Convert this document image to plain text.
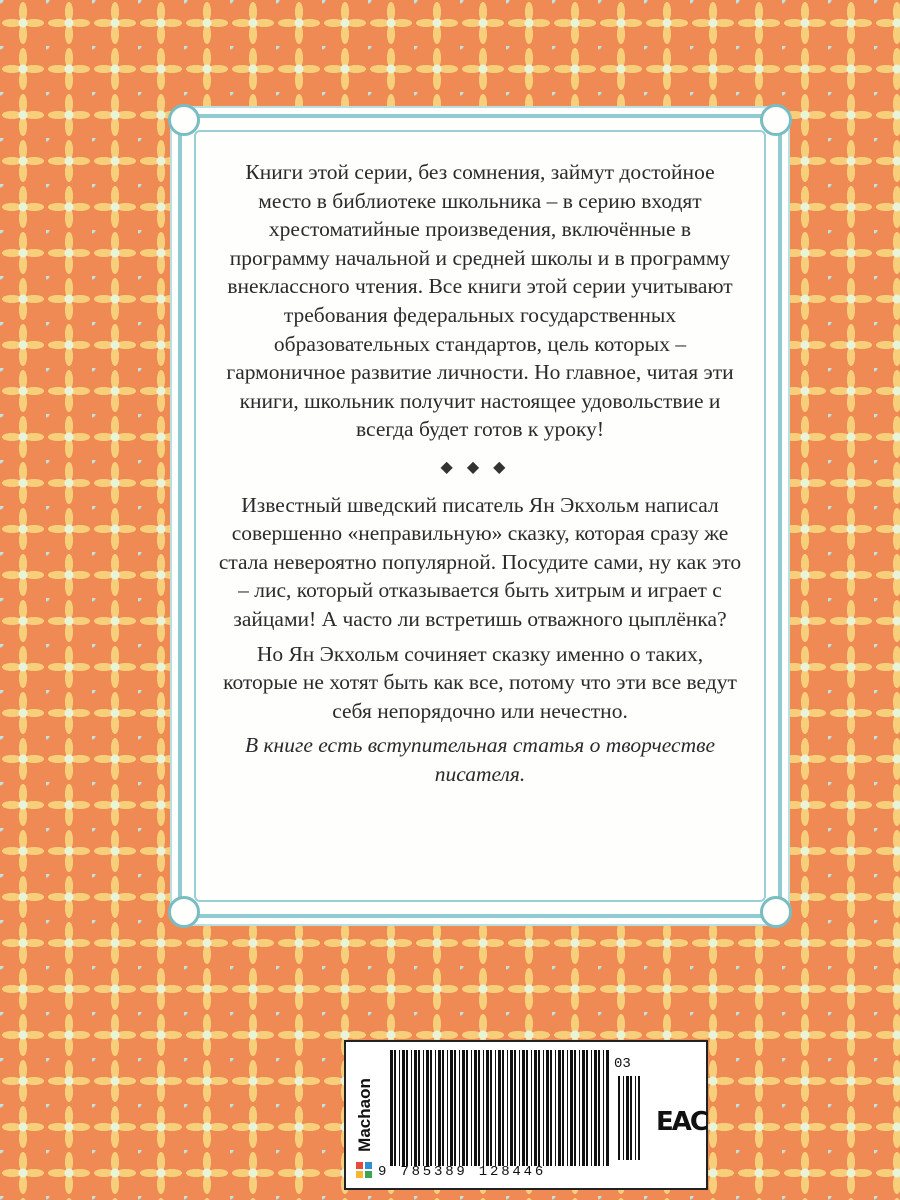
Книги этой серии, без сомнения, займут достойное место в библиотеке школьника – в серию входят хрестоматийные произведения, включённые в программу начальной и средней школы и в программу внеклассного чтения. Все книги этой серии учитывают требования федеральных государственных образовательных стандартов, цель которых – гармоничное развитие личности. Но главное, читая эти книги, школьник получит настоящее удовольствие и всегда будет готов к уроку!

◆◆◆

Известный шведский писатель Ян Экхольм написал совершенно «неправильную» сказку, которая сразу же стала невероятно популярной. Посудите сами, ну как это – лис, который отказывается быть хитрым и играет с зайцами! А часто ли встретишь отважного цыплёнка?

Но Ян Экхольм сочиняет сказку именно о таких, которые не хотят быть как все, потому что эти все ведут себя непорядочно или нечестно.

В книге есть вступительная статья о творчестве писателя.

Machaon
03
9 785389 128446
EAC
